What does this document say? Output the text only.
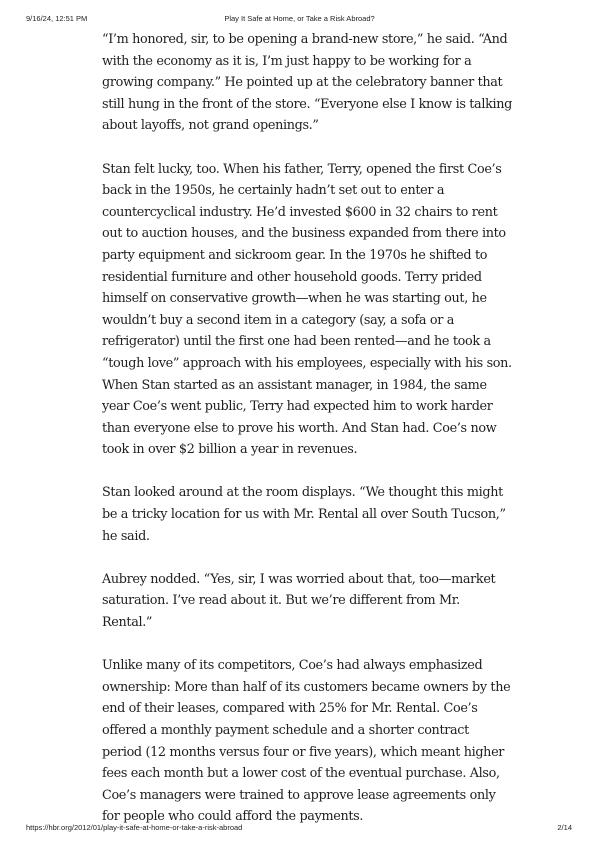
9/16/24, 12:51 PM	Play It Safe at Home, or Take a Risk Abroad?

“I’m honored, sir, to be opening a brand-new store,” he said. “And with the economy as it is, I’m just happy to be working for a growing company.” He pointed up at the celebratory banner that still hung in the front of the store. “Everyone else I know is talking about layoffs, not grand openings.”

Stan felt lucky, too. When his father, Terry, opened the first Coe’s back in the 1950s, he certainly hadn’t set out to enter a countercyclical industry. He’d invested $600 in 32 chairs to rent out to auction houses, and the business expanded from there into party equipment and sickroom gear. In the 1970s he shifted to residential furniture and other household goods. Terry prided himself on conservative growth—when he was starting out, he wouldn’t buy a second item in a category (say, a sofa or a refrigerator) until the first one had been rented—and he took a “tough love” approach with his employees, especially with his son. When Stan started as an assistant manager, in 1984, the same year Coe’s went public, Terry had expected him to work harder than everyone else to prove his worth. And Stan had. Coe’s now took in over $2 billion a year in revenues.

Stan looked around at the room displays. “We thought this might be a tricky location for us with Mr. Rental all over South Tucson,” he said.

Aubrey nodded. “Yes, sir, I was worried about that, too—market saturation. I’ve read about it. But we’re different from Mr. Rental.”

Unlike many of its competitors, Coe’s had always emphasized ownership: More than half of its customers became owners by the end of their leases, compared with 25% for Mr. Rental. Coe’s offered a monthly payment schedule and a shorter contract period (12 months versus four or five years), which meant higher fees each month but a lower cost of the eventual purchase. Also, Coe’s managers were trained to approve lease agreements only for people who could afford the payments.

https://hbr.org/2012/01/play-it-safe-at-home-or-take-a-risk-abroad	2/14
